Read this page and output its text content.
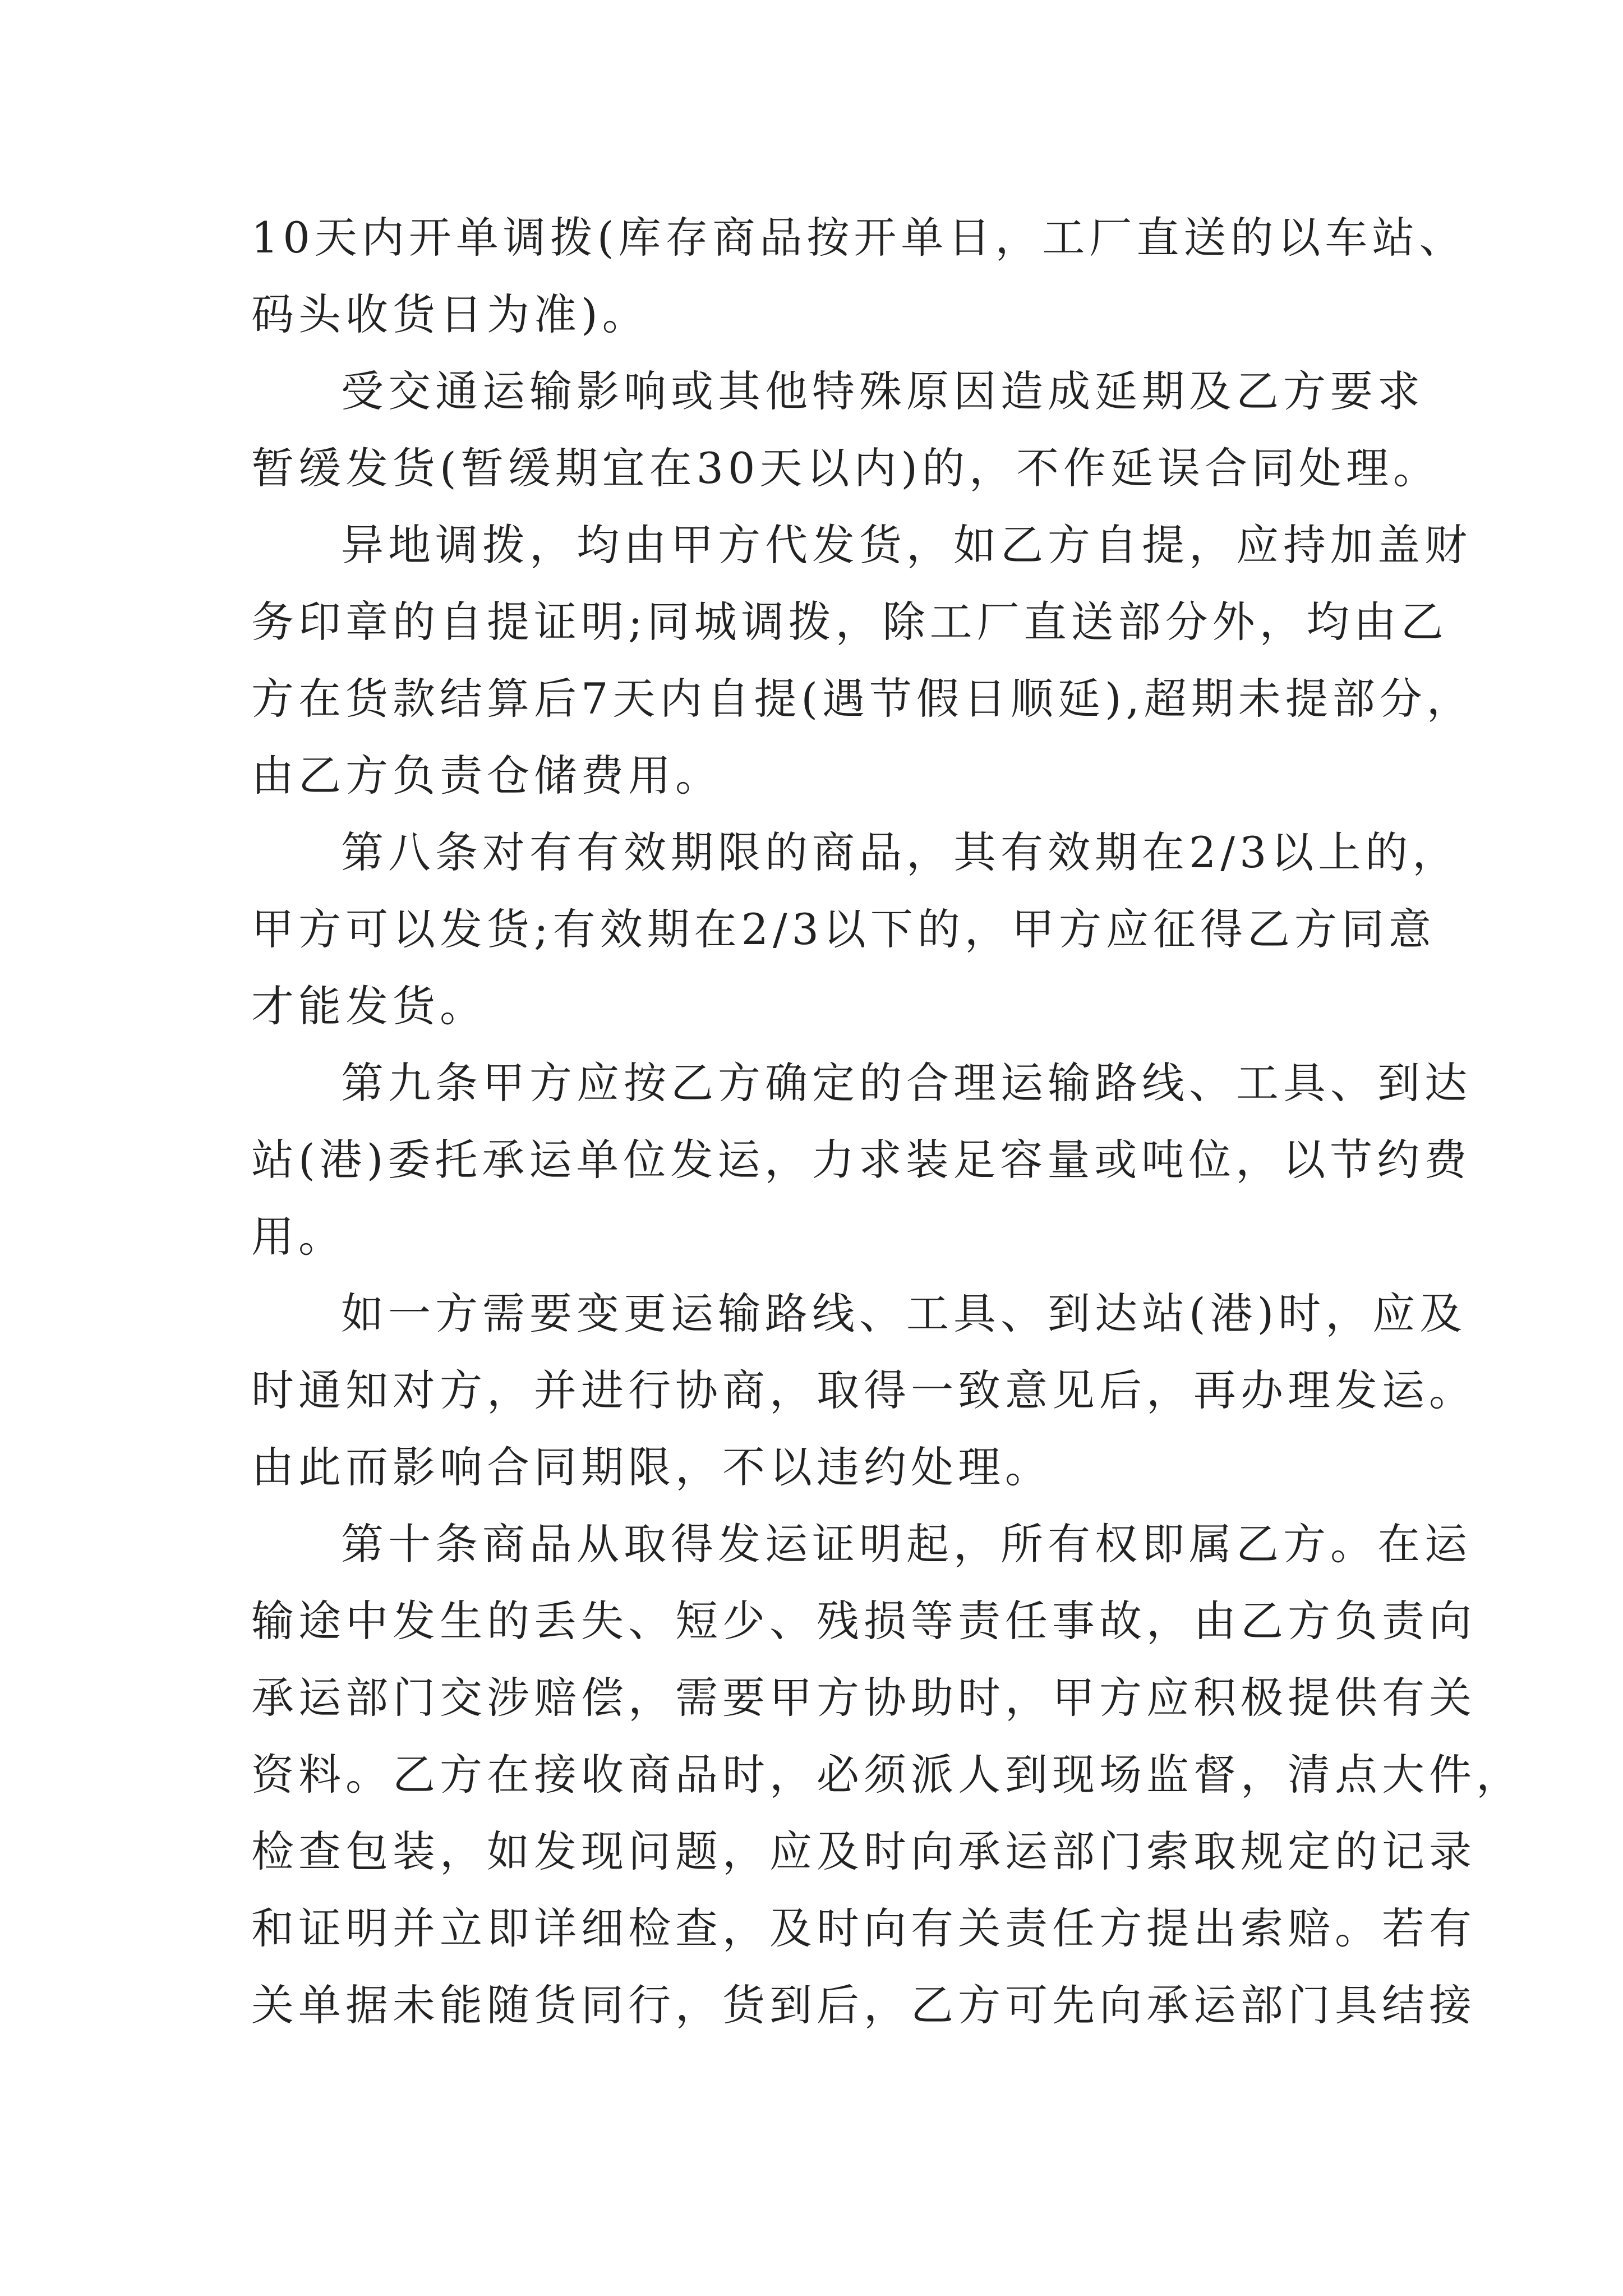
10天内开单调拨(库存商品按开单日，工厂直送的以车站、
码头收货日为准)。
受交通运输影响或其他特殊原因造成延期及乙方要求
暂缓发货(暂缓期宜在30天以内)的，不作延误合同处理。
异地调拨，均由甲方代发货，如乙方自提，应持加盖财
务印章的自提证明;同城调拨，除工厂直送部分外，均由乙
方在货款结算后7天内自提(遇节假日顺延),超期未提部分，
由乙方负责仓储费用。
第八条对有有效期限的商品，其有效期在2/3以上的，
甲方可以发货;有效期在2/3以下的，甲方应征得乙方同意
才能发货。
第九条甲方应按乙方确定的合理运输路线、工具、到达
站(港)委托承运单位发运，力求装足容量或吨位，以节约费
用。
如一方需要变更运输路线、工具、到达站(港)时，应及
时通知对方，并进行协商，取得一致意见后，再办理发运。
由此而影响合同期限，不以违约处理。
第十条商品从取得发运证明起，所有权即属乙方。在运
输途中发生的丢失、短少、残损等责任事故，由乙方负责向
承运部门交涉赔偿，需要甲方协助时，甲方应积极提供有关
资料。乙方在接收商品时，必须派人到现场监督，清点大件，
检查包装，如发现问题，应及时向承运部门索取规定的记录
和证明并立即详细检查，及时向有关责任方提出索赔。若有
关单据未能随货同行，货到后，乙方可先向承运部门具结接
